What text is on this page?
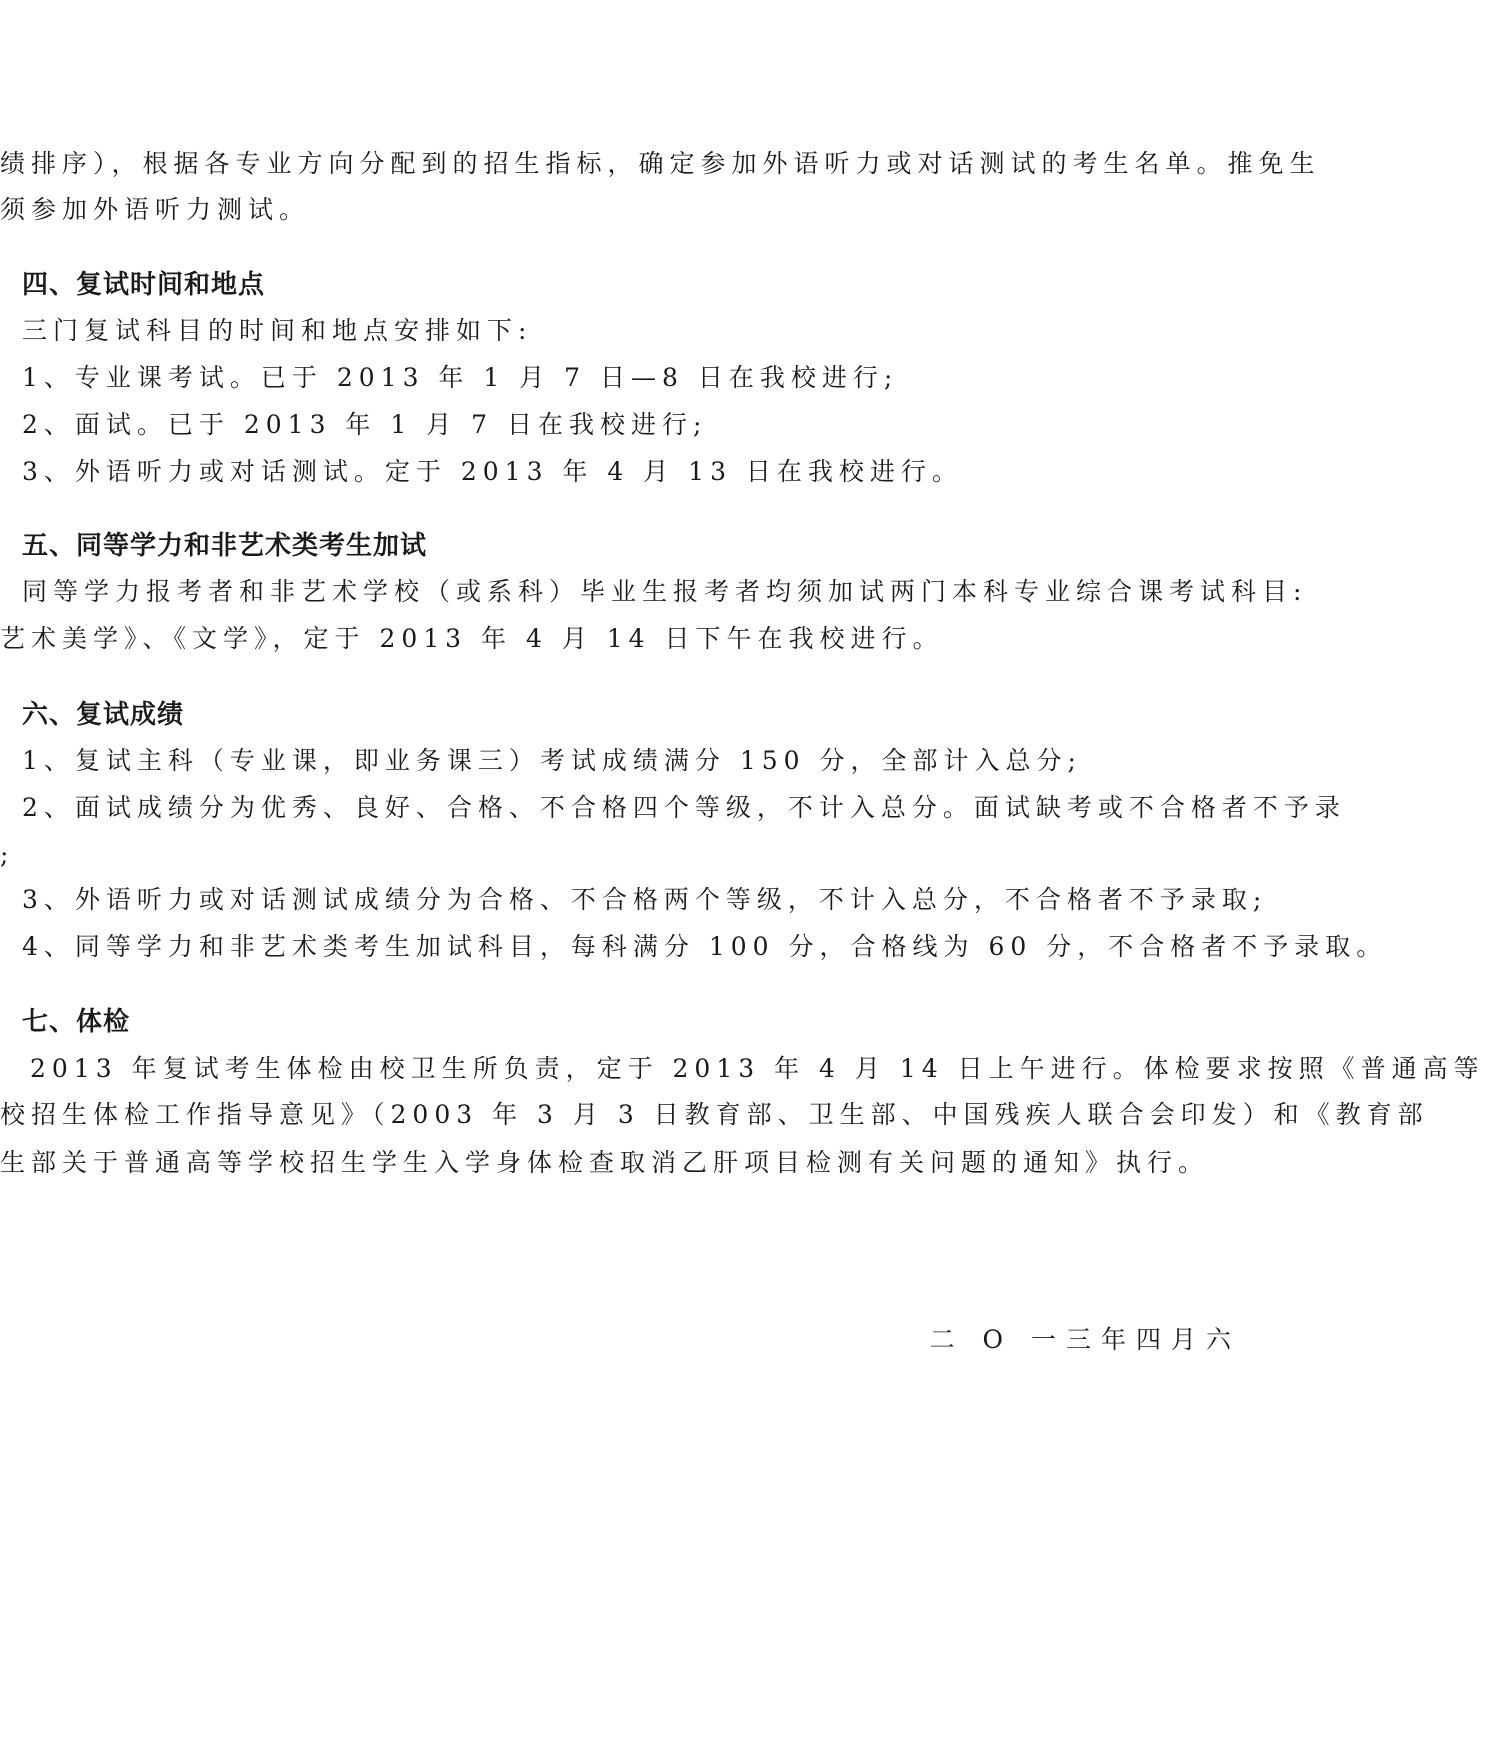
绩排序），根据各专业方向分配到的招生指标，确定参加外语听力或对话测试的考生名单。推免生
须参加外语听力测试。
四、复试时间和地点
三门复试科目的时间和地点安排如下:
1、专业课考试。已于 2013 年 1 月 7 日—8 日在我校进行;
2、面试。已于 2013 年 1 月 7 日在我校进行;
3、外语听力或对话测试。定于 2013 年 4 月 13 日在我校进行。
五、同等学力和非艺术类考生加试
同等学力报考者和非艺术学校（或系科）毕业生报考者均须加试两门本科专业综合课考试科目:
艺术美学》、《文学》，定于 2013 年 4 月 14 日下午在我校进行。
六、复试成绩
1、复试主科（专业课，即业务课三）考试成绩满分 150 分，全部计入总分;
2、面试成绩分为优秀、良好、合格、不合格四个等级，不计入总分。面试缺考或不合格者不予录
;
3、外语听力或对话测试成绩分为合格、不合格两个等级，不计入总分，不合格者不予录取;
4、同等学力和非艺术类考生加试科目，每科满分 100 分，合格线为 60 分，不合格者不予录取。
七、体检
2013 年复试考生体检由校卫生所负责，定于 2013 年 4 月 14 日上午进行。体检要求按照《普通高等
校招生体检工作指导意见》（2003 年 3 月 3 日教育部、卫生部、中国残疾人联合会印发）和《教育部
生部关于普通高等学校招生学生入学身体检查取消乙肝项目检测有关问题的通知》执行。
二 O 一三年四月六
